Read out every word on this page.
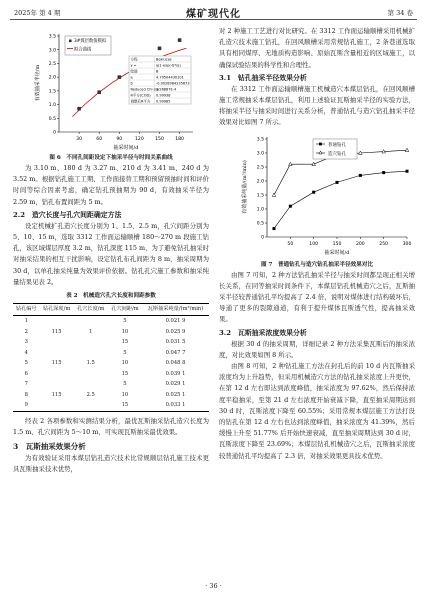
2025年 第 4 期	煤矿现代化	第 34 卷
0
0.5
1.0
1.5
2.0
2.5
3.0
3.5
30	60	90	120 150 180
有效抽采半径/m
抽采时间/d
3#煤层数值模拟
拟合曲线
方程	Boxlucas
y =	a(1-exp(-b*x))
绘图	B
a	4.70504430101
b	-0.0028984235673
Reduced Chi-Sqr
1.26887E-4
R平方(COD) 0.99938
调整后R平方 0.99985
图 6　不同孔间距设定下抽采半径与时间关系曲线
为 3.10 m、180 d 为 3.27 m、210 d 为 3.41 m、240 d 为 3.52 m。根据钻孔施工工期、工作面接替工期和预留预抽时间和评价时间等综合因素考虑，确定钻孔预抽期为 90 d，有效抽采半径为 2.59 m，钻孔布置间距为 5 m。
2.2　造穴长度与孔穴间距确定方法
设定机械扩孔造穴长度分别为 1、1.5、2.5 m，孔穴间距分别为 5、10、15 m，选取 3312 工作面运输顺槽 180～270 m 段施工钻孔，该区域煤层厚度 3.2 m，钻孔深度 115 m，为了避免钻孔抽采时对抽采结果的相互干扰影响，设定钻孔布孔间距为 8 m，抽采周期为 30 d，以单孔抽采纯量为效果评价依据。钻孔孔穴施工参数和抽采纯量结果见表 2。
表 2　机械造穴孔穴长度和间距参数
钻孔编号	钻孔深度/m	孔穴长度/m	孔穴间距/m	瓦斯抽采纯量/(m³/min)
1			5	0.021 9
2	115	1	10	0.025 9
3			15	0.031 5
4			5	0.047 7
5	115	1.5	10	0.048 8
6			15	0.039 1
7			5	0.029 1
8	115	2.5	10	0.025 1
9			15	0.033 1
经表 2 各项参数和实测结果分析，最优瓦斯抽采钻孔造穴长度为 1.5 m、孔穴间距为 5～10 m，可实现瓦斯抽采最优效果。
3　瓦斯抽采效果分析
为有效验证采用本煤层钻孔造穴技术比常规顺层钻孔施工技术更具瓦斯抽采技术优势，
对 2 种施工工艺进行对比研究。在 3312 工作面运输顺槽采用机械扩孔造穴技术施工钻孔，在回风顺槽采用常规钻孔施工，2 条巷道选取具有相同煤厚、无地质构造影响、原始瓦斯含量相近的区域施工，以确保试验结果的科学性和合理性。
3.1　钻孔抽采半径效果分析
在 3312 工作面运输顺槽施工机械造穴本煤层钻孔，在回风顺槽施工常规抽采本煤层钻孔，利用上述验证瓦斯抽采半径的实验方法，将抽采半径与抽采时间进行关系分析，普通钻孔与造穴钻孔抽采半径效果对比如图 7 所示。
0
0.5
1.0
1.5
2.0
2.5
3.0
3.5
50	100	150	200	250	300
有效抽采纯量/(m³/min)
抽采时间/d
普通钻孔
造穴钻孔
图 7　普通钻孔与造穴钻孔抽采半径效果对比
由图 7 可知，2 种方法钻孔抽采半径与抽采时间都呈现正相关增长关系，在同等抽采时间条件下，本煤层钻孔机械造穴之后，瓦斯抽采半径较普通钻孔平均提高了 2.4 倍，说明对煤体进行结构破坏后，导通了更多的裂隙通道，有利于提升煤体瓦斯透气性，提高抽采效果。
3.2　瓦斯抽采浓度效果分析
根据 30 d 的抽采周期，详细记录 2 种方法采集瓦斯后的抽采浓度，对比效果如图 8 所示。
由图 8 可知，2 种钻孔施工方法在封孔后的前 10 d 内瓦斯抽采浓度均为上升趋势，但采用机械造穴方法的钻孔抽采浓度上升更快，在第 12 d 左右即达到浓度峰值，抽采浓度为 97.62%，然后保持浓度平稳抽采，至第 21 d 左右浓度开始衰减下降，直至抽采周期达到 30 d 时，瓦斯浓度下降至 60.55%；采用常规本煤层施工方法打设的钻孔在第 12 d 左右也达到浓度峰值，抽采浓度为 41.39%，然后缓慢上升至 51.77% 后开始快速衰减，直至抽采周期达到 30 d 时，瓦斯浓度下降至 23.69%；本煤层钻孔机械造穴之后，瓦斯抽采浓度较普通钻孔平均提高了 2.3 倍，对抽采效果更具技术优势。
· 36 ·
